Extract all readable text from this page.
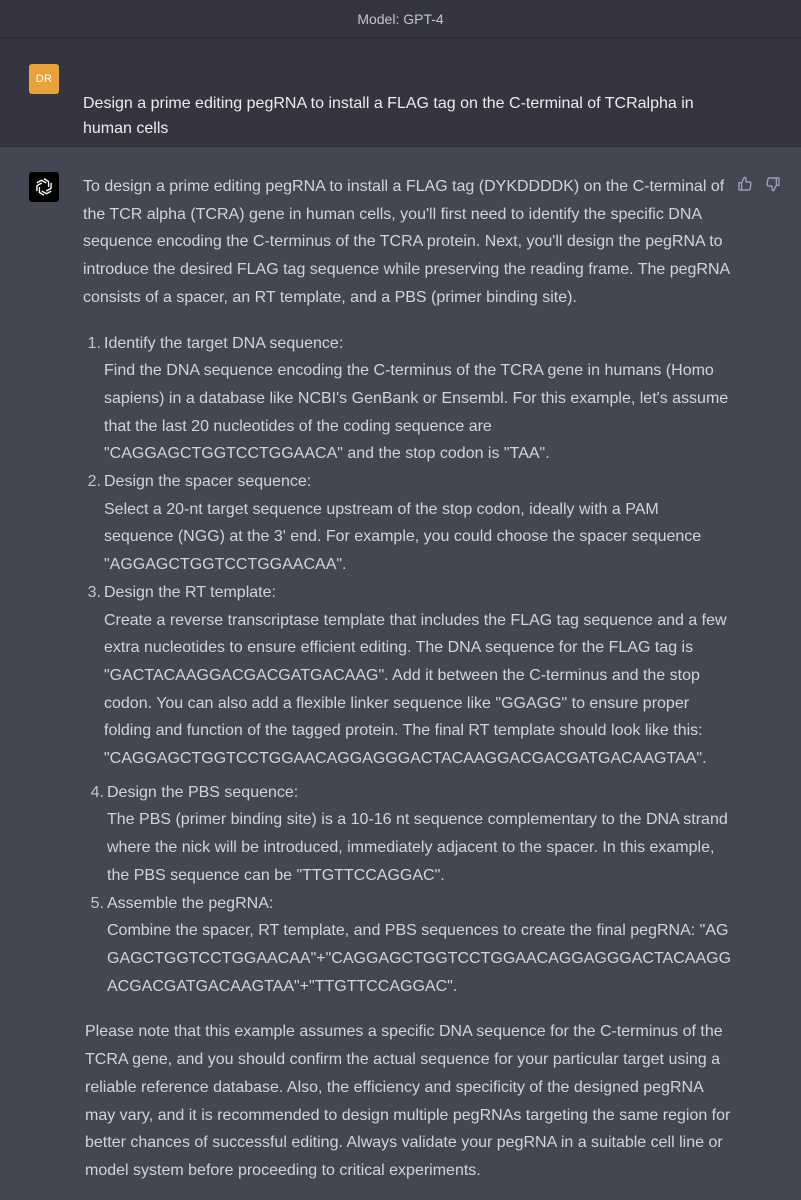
Model: GPT-4
DR
Design a prime editing pegRNA to install a FLAG tag on the C-terminal of TCRalpha in human cells

To design a prime editing pegRNA to install a FLAG tag (DYKDDDDK) on the C-terminal of the TCR alpha (TCRA) gene in human cells, you'll first need to identify the specific DNA sequence encoding the C-terminus of the TCRA protein. Next, you'll design the pegRNA to introduce the desired FLAG tag sequence while preserving the reading frame. The pegRNA consists of a spacer, an RT template, and a PBS (primer binding site).

1. Identify the target DNA sequence:
Find the DNA sequence encoding the C-terminus of the TCRA gene in humans (Homo sapiens) in a database like NCBI's GenBank or Ensembl. For this example, let's assume that the last 20 nucleotides of the coding sequence are "CAGGAGCTGGTCCTGGAACA" and the stop codon is "TAA".
2. Design the spacer sequence:
Select a 20-nt target sequence upstream of the stop codon, ideally with a PAM sequence (NGG) at the 3' end. For example, you could choose the spacer sequence "AGGAGCTGGTCCTGGAACAA".
3. Design the RT template:
Create a reverse transcriptase template that includes the FLAG tag sequence and a few extra nucleotides to ensure efficient editing. The DNA sequence for the FLAG tag is "GACTACAAGGACGACGATGACAAG". Add it between the C-terminus and the stop codon. You can also add a flexible linker sequence like "GGAGG" to ensure proper folding and function of the tagged protein. The final RT template should look like this: "CAGGAGCTGGTCCTGGAACAGGAGGGACTACAAGGACGACGATGACAAGTAA".
4. Design the PBS sequence:
The PBS (primer binding site) is a 10-16 nt sequence complementary to the DNA strand where the nick will be introduced, immediately adjacent to the spacer. In this example, the PBS sequence can be "TTGTTCCAGGAC".
5. Assemble the pegRNA:
Combine the spacer, RT template, and PBS sequences to create the final pegRNA: "AGGAGCTGGTCCTGGAACAA"+"CAGGAGCTGGTCCTGGAACAGGAGGGACTACAAGGACGACGATGACAAGTAA"+"TTGTTCCAGGAC".

Please note that this example assumes a specific DNA sequence for the C-terminus of the TCRA gene, and you should confirm the actual sequence for your particular target using a reliable reference database. Also, the efficiency and specificity of the designed pegRNA may vary, and it is recommended to design multiple pegRNAs targeting the same region for better chances of successful editing. Always validate your pegRNA in a suitable cell line or model system before proceeding to critical experiments.
